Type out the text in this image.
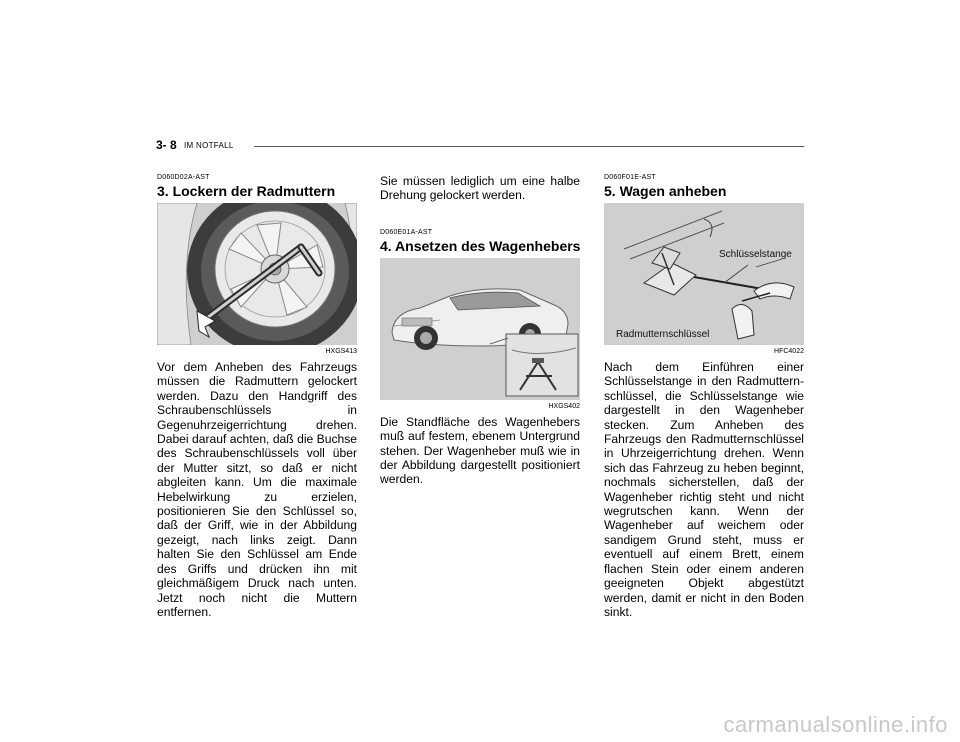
3- 8 IM NOTFALL
D060D02A-AST
3. Lockern der Radmuttern
HXGS413

Vor dem Anheben des Fahrzeugs müssen die Radmuttern gelockert werden. Dazu den Handgriff des Schraubenschlüssels in Gegenuhrzeigerrichtung drehen. Dabei darauf achten, daß die Buchse des Schraubenschlüssels voll über der Mutter sitzt, so daß er nicht abgleiten kann. Um die maximale Hebelwirkung zu erzielen, positionieren Sie den Schlüssel so, daß der Griff, wie in der Abbildung gezeigt, nach links zeigt. Dann halten Sie den Schlüssel am Ende des Griffs und drücken ihn mit gleichmäßigem Druck nach unten. Jetzt noch nicht die Muttern entfernen.

Sie müssen lediglich um eine halbe Drehung gelockert werden.

D060E01A-AST
4. Ansetzen des Wagenhebers
HXGS402

Die Standfläche des Wagenhebers muß auf festem, ebenem Untergrund stehen. Der Wagenheber muß wie in der Abbildung dargestellt positioniert werden.

D060F01E-AST
5. Wagen anheben
Schlüsselstange
Radmutternschlüssel
HFC4022

Nach dem Einführen einer Schlüsselstange in den Radmuttern-schlüssel, die Schlüsselstange wie dargestellt in den Wagenheber stecken. Zum Anheben des Fahrzeugs den Radmutternschlüssel in Uhrzeigerrichtung drehen. Wenn sich das Fahrzeug zu heben beginnt, nochmals sicherstellen, daß der Wagenheber richtig steht und nicht wegrutschen kann. Wenn der Wagenheber auf weichem oder sandigem Grund steht, muss er eventuell auf einem Brett, einem flachen Stein oder einem anderen geeigneten Objekt abgestützt werden, damit er nicht in den Boden sinkt.

carmanualsonline.info
